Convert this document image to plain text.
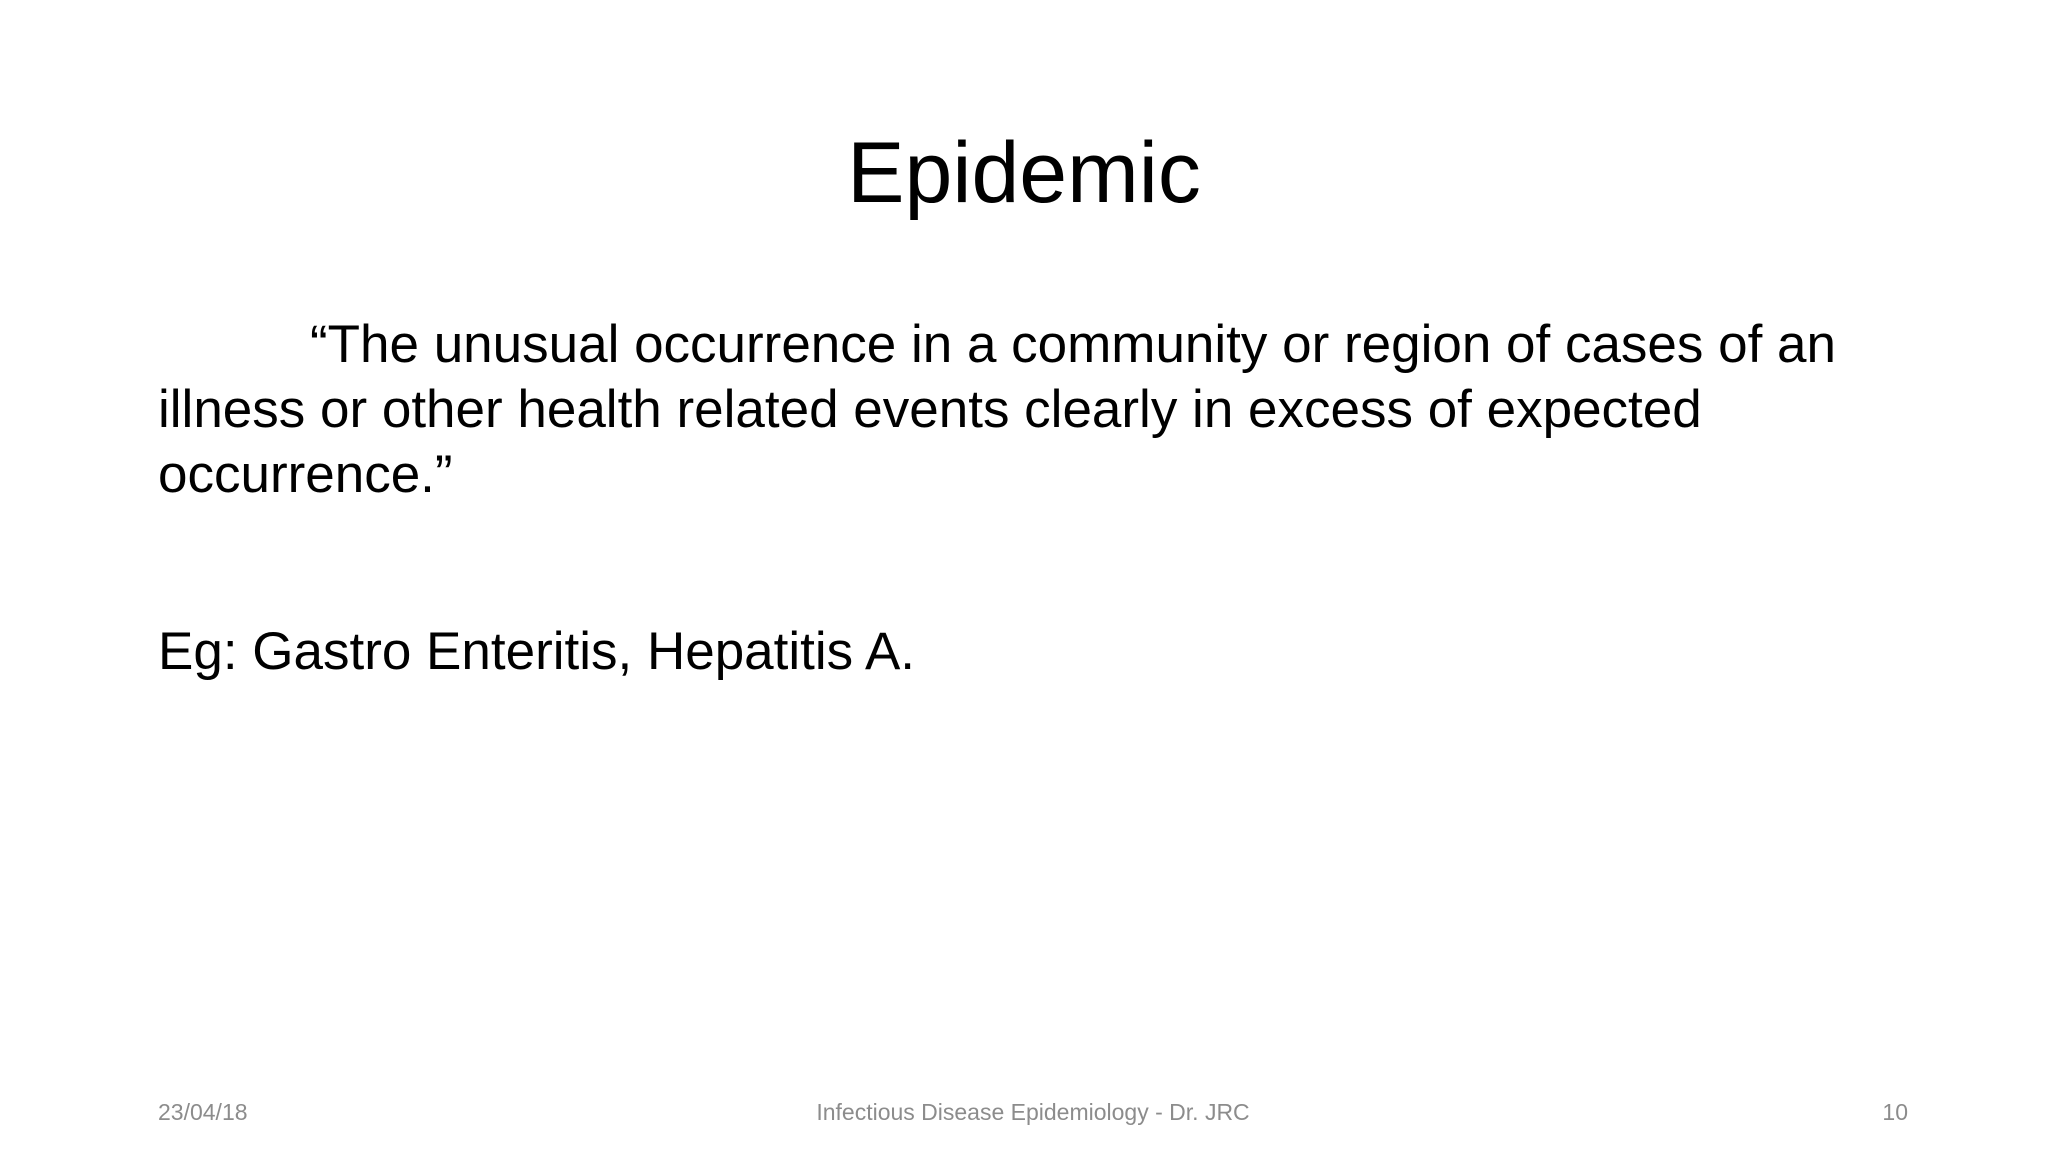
Epidemic

“The unusual occurrence in a community or region of cases of an illness or other health related events clearly in excess of expected occurrence.”

Eg: Gastro Enteritis, Hepatitis A.

23/04/18	Infectious Disease Epidemiology - Dr. JRC	10
